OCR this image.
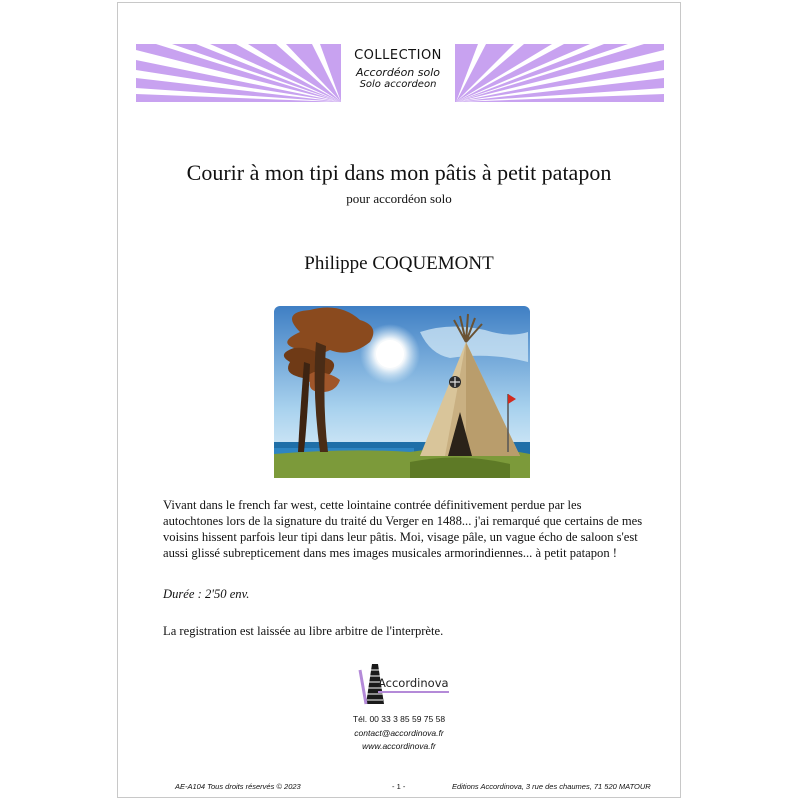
COLLECTION
Accordéon solo
Solo accordeon
Courir à mon tipi dans mon pâtis à petit patapon
pour accordéon solo
Philippe COQUEMONT
Vivant dans le french far west, cette lointaine contrée définitivement perdue par les autochtones lors de la signature du traité du Verger en 1488... j'ai remarqué que certains de mes voisins hissent parfois leur tipi dans leur pâtis. Moi, visage pâle, un vague écho de saloon s'est aussi glissé subrepticement dans mes images musicales armorindiennes... à petit patapon !
Durée : 2'50 env.
La registration est laissée au libre arbitre de l'interprète.
Accordinova
Tél. 00 33 3 85 59 75 58
contact@accordinova.fr
www.accordinova.fr
AE-A104 Tous droits réservés © 2023	- 1 -	Editions Accordinova, 3 rue des chaumes, 71 520 MATOUR
